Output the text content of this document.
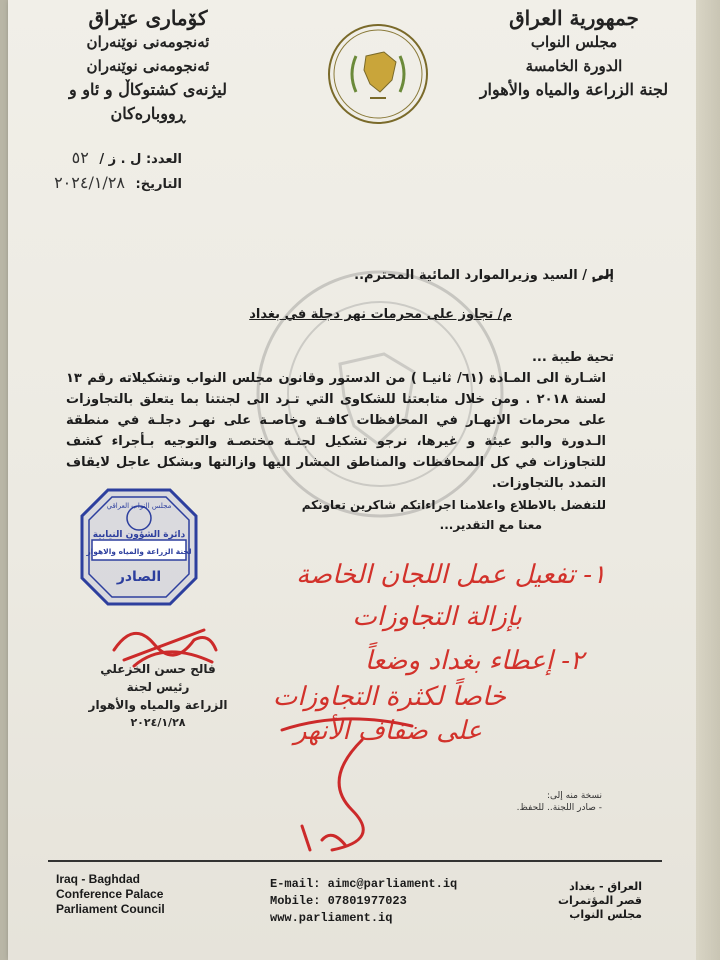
کۆماری عێراق
ئەنجومەنی نوێنەران
ئەنجومەنی نوێنەران
لیژنەی کشتوکاڵ و ئاو و ڕووبارەکان
جمهورية العراق
مجلس النواب
الدورة الخامسة
لجنة الزراعة والمياه والأهوار
العدد: ل . ز / ٥٢
التاريخ: ٢٠٢٤/١/٢٨
إلى / السيد وزيرالموارد المائية المحترم..
م/ تجاوز على محرمات نهر دجلة في بغداد
تحية طيبة ...
اشـارة الى المـادة (٦١/ ثانيـا ) من الدستور وقانون مجلس النواب وتشكيلاته رقم ١٣ لسنة ٢٠١٨ . ومن خلال متابعتنا للشكاوى التي تـرد الى لجنتنا بما يتعلق بالتجاوزات على محرمات الانهـار في المحافظات كافـة وخاصـة على نهـر دجلـة في منطقة الـدورة والبو عيثة و غيرها، نرجو تشكيل لجنـة مختصـة والتوجيه بـأجراء كشف للتجاوزات في كل المحافظات والمناطق المشار اليها وازالتها وبشكل عاجل لايقاف التمدد بالتجاوزات.
للتفضل بالاطلاع واعلامنا اجراءاتكم شاكرين تعاونكم
معنا مع التقدير...
مجلس النواب العراقي
دائرة الشؤون النيابية
لجنة الزراعة والمياه والاهوار
الصادر
فالح حسن الخزعلي
رئيس لجنة
الزراعة والمياه والأهوار
٢٠٢٤/١/٢٨
١- تفعيل عمل اللجان الخاصة
بإزالة التجاوزات
٢- إعطاء بغداد وضعاً
خاصاً لكثرة التجاوزات
على ضفاف الأنهر
نسخة منه إلى:
- صادر اللجنة.. للحفظ.
Iraq - Baghdad
Conference Palace
Parliament Council
E-mail: aimc@parliament.iq
Mobile: 07801977023
www.parliament.iq
العراق - بغداد
قصر المؤتمرات
مجلس النواب
